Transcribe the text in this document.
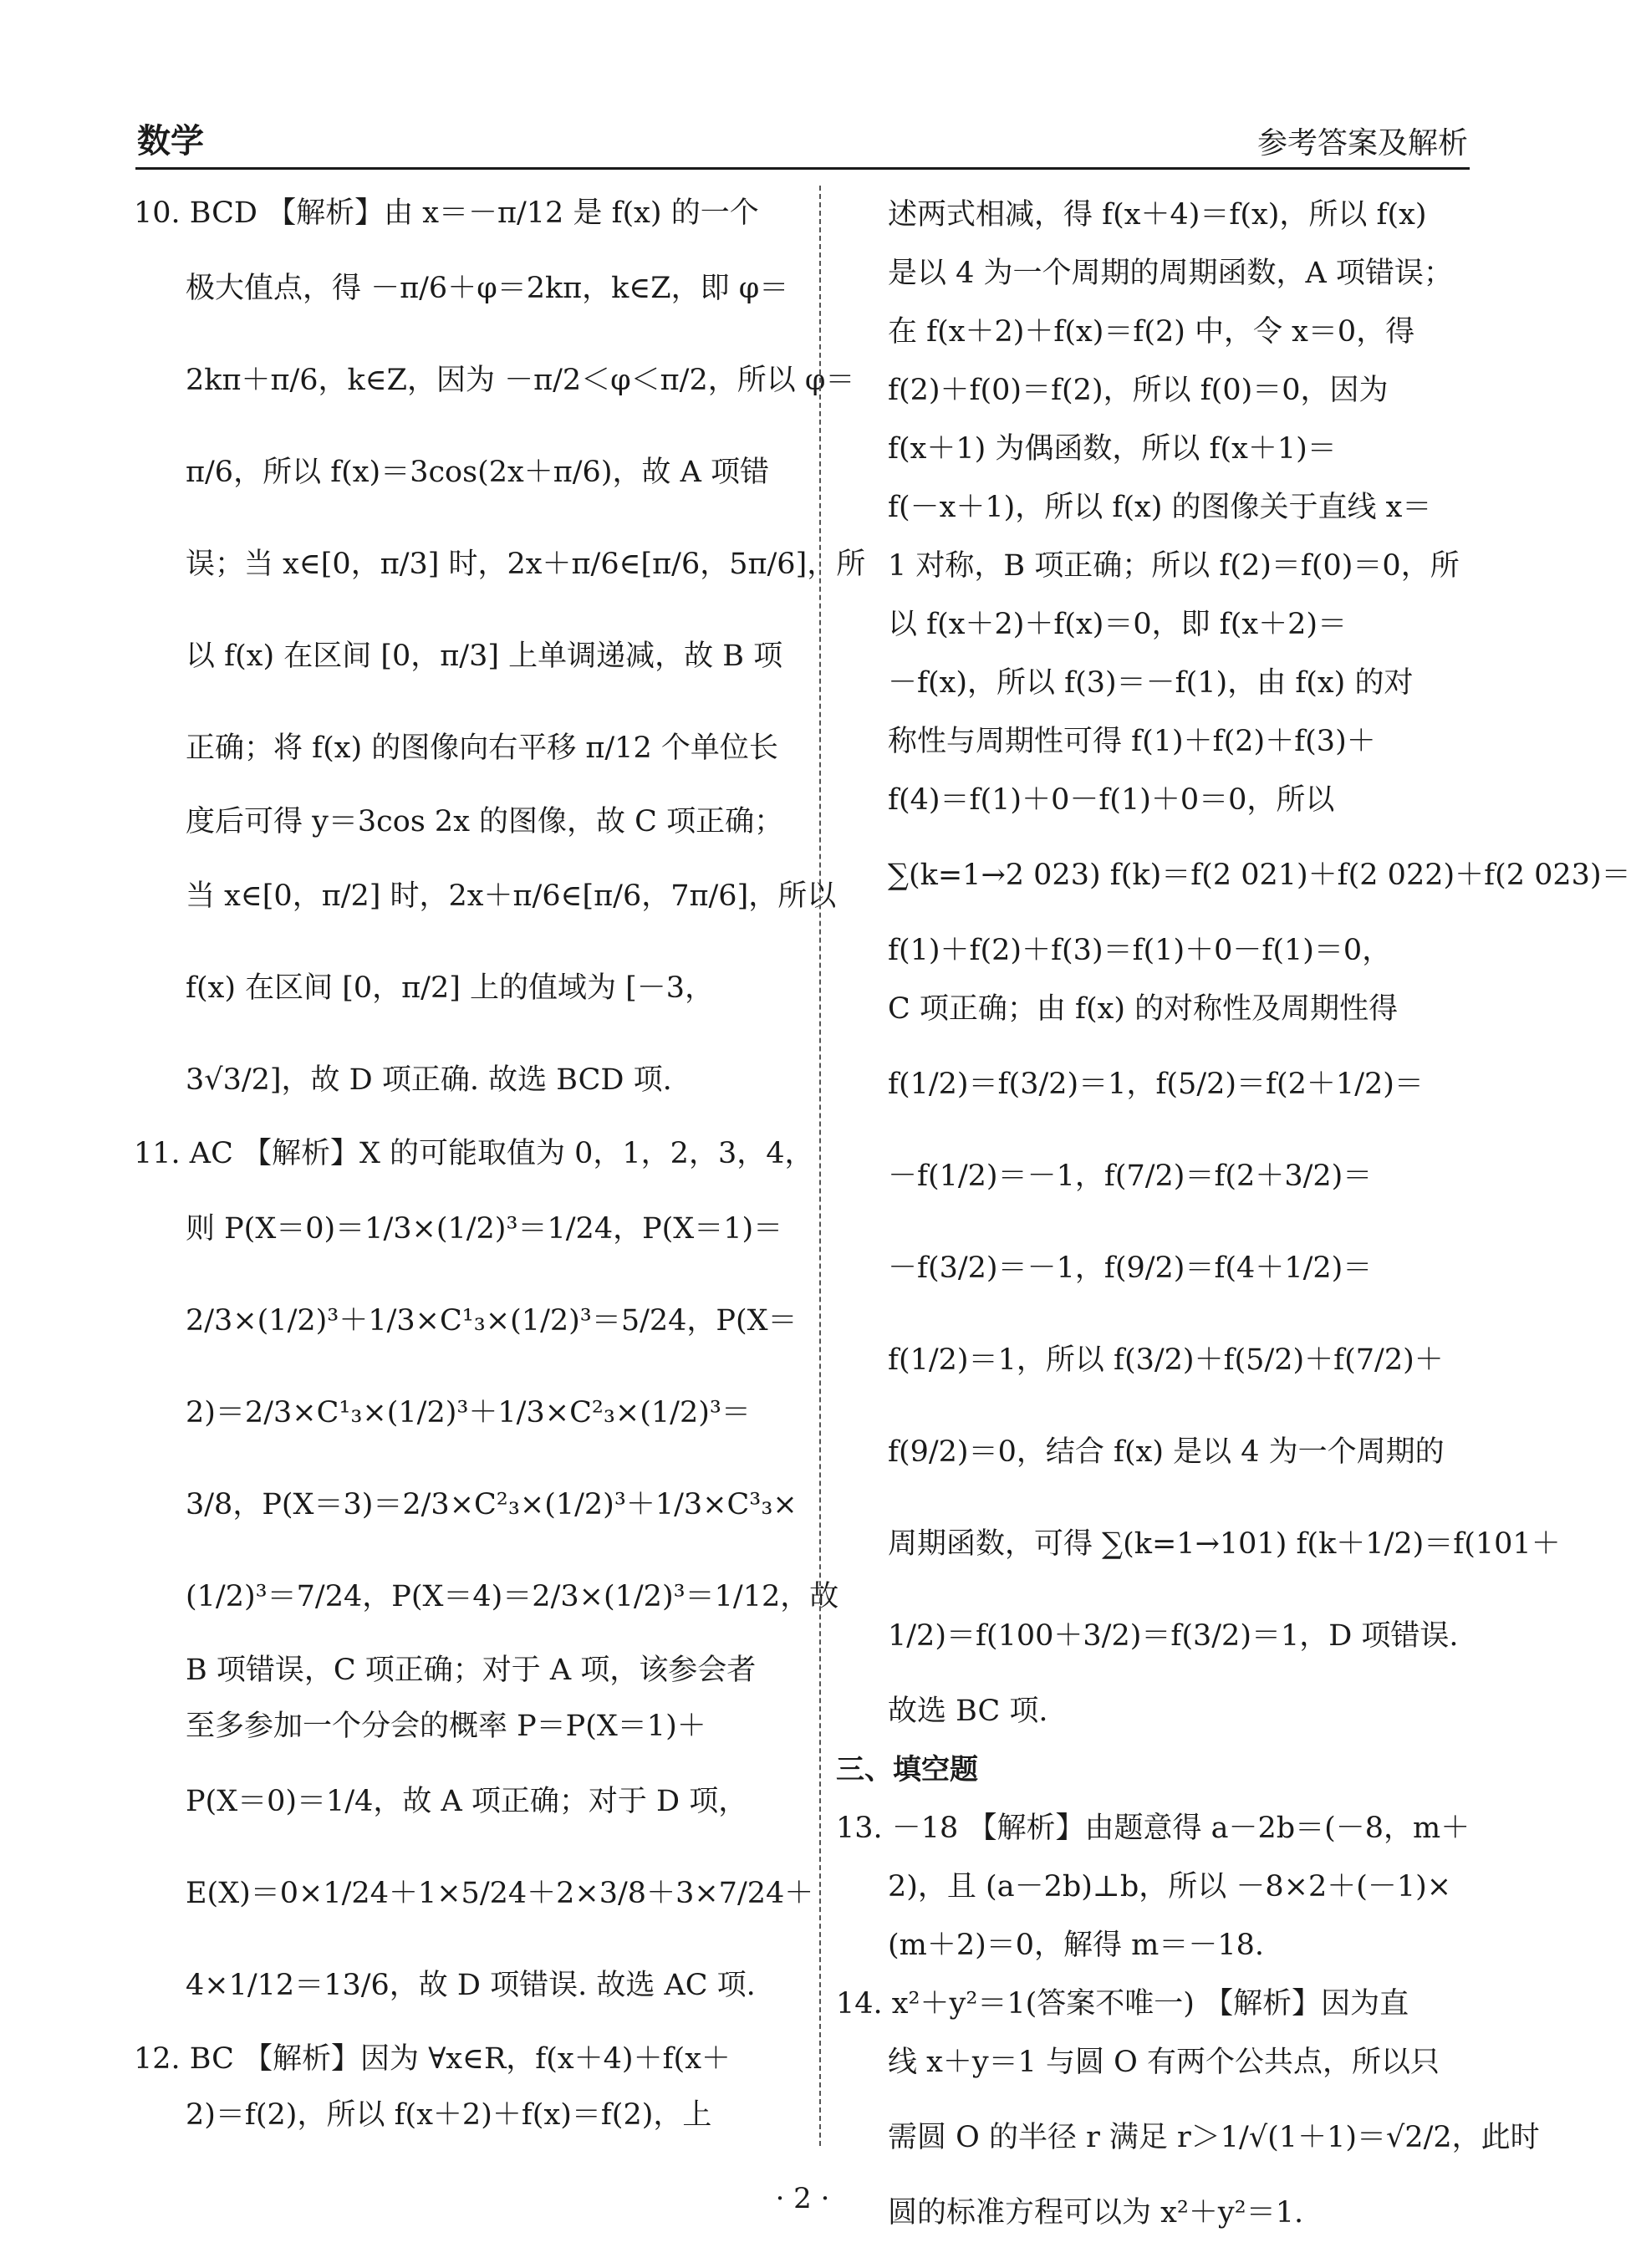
数学	参考答案及解析
10. BCD 【解析】由 x＝－π/12 是 f(x) 的一个
极大值点，得 －π/6＋φ＝2kπ，k∈Z，即 φ＝
2kπ＋π/6，k∈Z，因为 －π/2＜φ＜π/2，所以 φ＝
π/6，所以 f(x)＝3cos(2x＋π/6)，故 A 项错
误；当 x∈[0，π/3] 时，2x＋π/6∈[π/6，5π/6]，所
以 f(x) 在区间 [0，π/3] 上单调递减，故 B 项
正确；将 f(x) 的图像向右平移 π/12 个单位长
度后可得 y＝3cos 2x 的图像，故 C 项正确；
当 x∈[0，π/2] 时，2x＋π/6∈[π/6，7π/6]，所以
f(x) 在区间 [0，π/2] 上的值域为 [－3，
3√3/2]，故 D 项正确. 故选 BCD 项.
11. AC 【解析】X 的可能取值为 0，1，2，3，4，
则 P(X＝0)＝1/3×(1/2)³＝1/24，P(X＝1)＝
2/3×(1/2)³＋1/3×C¹₃×(1/2)³＝5/24，P(X＝
2)＝2/3×C¹₃×(1/2)³＋1/3×C²₃×(1/2)³＝
3/8，P(X＝3)＝2/3×C²₃×(1/2)³＋1/3×C³₃×
(1/2)³＝7/24，P(X＝4)＝2/3×(1/2)³＝1/12，故
B 项错误，C 项正确；对于 A 项，该参会者
至多参加一个分会的概率 P＝P(X＝1)＋
P(X＝0)＝1/4，故 A 项正确；对于 D 项，
E(X)＝0×1/24＋1×5/24＋2×3/8＋3×7/24＋
4×1/12＝13/6，故 D 项错误. 故选 AC 项.
12. BC 【解析】因为 ∀x∈R，f(x＋4)＋f(x＋
2)＝f(2)，所以 f(x＋2)＋f(x)＝f(2)，上
述两式相减，得 f(x＋4)＝f(x)，所以 f(x)
是以 4 为一个周期的周期函数，A 项错误；
在 f(x＋2)＋f(x)＝f(2) 中，令 x＝0，得
f(2)＋f(0)＝f(2)，所以 f(0)＝0，因为
f(x＋1) 为偶函数，所以 f(x＋1)＝
f(－x＋1)，所以 f(x) 的图像关于直线 x＝
1 对称，B 项正确；所以 f(2)＝f(0)＝0，所
以 f(x＋2)＋f(x)＝0，即 f(x＋2)＝
－f(x)，所以 f(3)＝－f(1)，由 f(x) 的对
称性与周期性可得 f(1)＋f(2)＋f(3)＋
f(4)＝f(1)＋0－f(1)＋0＝0，所以
∑(k=1→2 023) f(k)＝f(2 021)＋f(2 022)＋f(2 023)＝
f(1)＋f(2)＋f(3)＝f(1)＋0－f(1)＝0，
C 项正确；由 f(x) 的对称性及周期性得
f(1/2)＝f(3/2)＝1，f(5/2)＝f(2＋1/2)＝
－f(1/2)＝－1，f(7/2)＝f(2＋3/2)＝
－f(3/2)＝－1，f(9/2)＝f(4＋1/2)＝
f(1/2)＝1，所以 f(3/2)＋f(5/2)＋f(7/2)＋
f(9/2)＝0，结合 f(x) 是以 4 为一个周期的
周期函数，可得 ∑(k=1→101) f(k＋1/2)＝f(101＋
1/2)＝f(100＋3/2)＝f(3/2)＝1，D 项错误.
故选 BC 项.
三、填空题
13. －18 【解析】由题意得 a－2b＝(－8，m＋
2)，且 (a－2b)⊥b，所以 －8×2＋(－1)×
(m＋2)＝0，解得 m＝－18.
14. x²＋y²＝1(答案不唯一) 【解析】因为直
线 x＋y＝1 与圆 O 有两个公共点，所以只
需圆 O 的半径 r 满足 r＞1/√(1＋1)＝√2/2，此时
圆的标准方程可以为 x²＋y²＝1.
· 2 ·
